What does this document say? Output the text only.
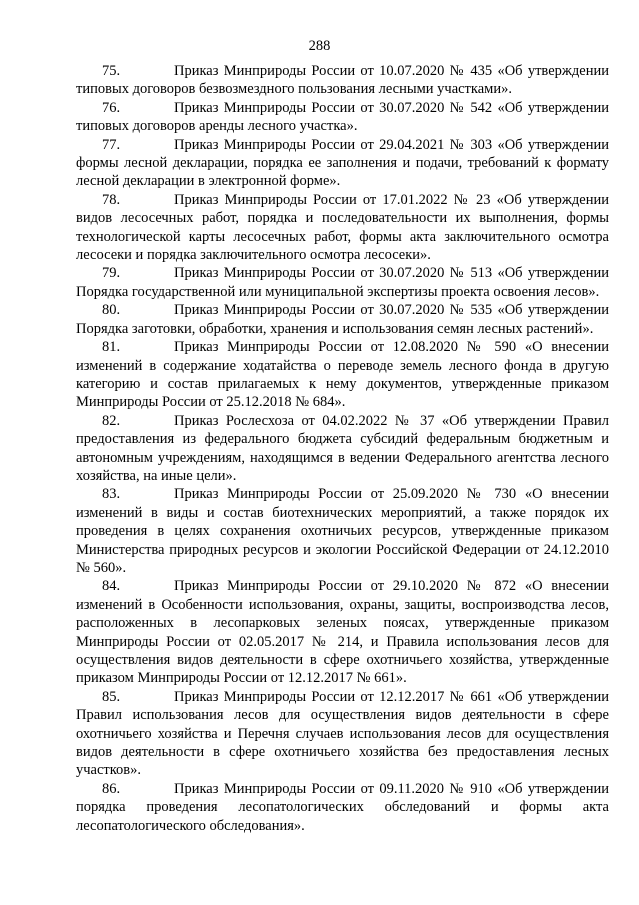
288

75.	Приказ Минприроды России от 10.07.2020 № 435 «Об утверждении типовых договоров безвозмездного пользования лесными участками».

76.	Приказ Минприроды России от 30.07.2020 № 542 «Об утверждении типовых договоров аренды лесного участка».

77.	Приказ Минприроды России от 29.04.2021 № 303 «Об утверждении формы лесной декларации, порядка ее заполнения и подачи, требований к формату лесной декларации в электронной форме».

78.	Приказ Минприроды России от 17.01.2022 № 23 «Об утверждении видов лесосечных работ, порядка и последовательности их выполнения, формы технологической карты лесосечных работ, формы акта заключительного осмотра лесосеки и порядка заключительного осмотра лесосеки».

79.	Приказ Минприроды России от 30.07.2020 № 513 «Об утверждении Порядка государственной или муниципальной экспертизы проекта освоения лесов».

80.	Приказ Минприроды России от 30.07.2020 № 535 «Об утверждении Порядка заготовки, обработки, хранения и использования семян лесных растений».

81.	Приказ Минприроды России от 12.08.2020 № 590 «О внесении изменений в содержание ходатайства о переводе земель лесного фонда в другую категорию и состав прилагаемых к нему документов, утвержденные приказом Минприроды России от 25.12.2018 № 684».

82.	Приказ Рослесхоза от 04.02.2022 № 37 «Об утверждении Правил предоставления из федерального бюджета субсидий федеральным бюджетным и автономным учреждениям, находящимся в ведении Федерального агентства лесного хозяйства, на иные цели».

83.	Приказ Минприроды России от 25.09.2020 № 730 «О внесении изменений в виды и состав биотехнических мероприятий, а также порядок их проведения в целях сохранения охотничьих ресурсов, утвержденные приказом Министерства природных ресурсов и экологии Российской Федерации от 24.12.2010 № 560».

84.	Приказ Минприроды России от 29.10.2020 № 872 «О внесении изменений в Особенности использования, охраны, защиты, воспроизводства лесов, расположенных в лесопарковых зеленых поясах, утвержденные приказом Минприроды России от 02.05.2017 № 214, и Правила использования лесов для осуществления видов деятельности в сфере охотничьего хозяйства, утвержденные приказом Минприроды России от 12.12.2017 № 661».

85.	Приказ Минприроды России от 12.12.2017 № 661 «Об утверждении Правил использования лесов для осуществления видов деятельности в сфере охотничьего хозяйства и Перечня случаев использования лесов для осуществления видов деятельности в сфере охотничьего хозяйства без предоставления лесных участков».

86.	Приказ Минприроды России от 09.11.2020 № 910 «Об утверждении порядка проведения лесопатологических обследований и формы акта лесопатологического обследования».
